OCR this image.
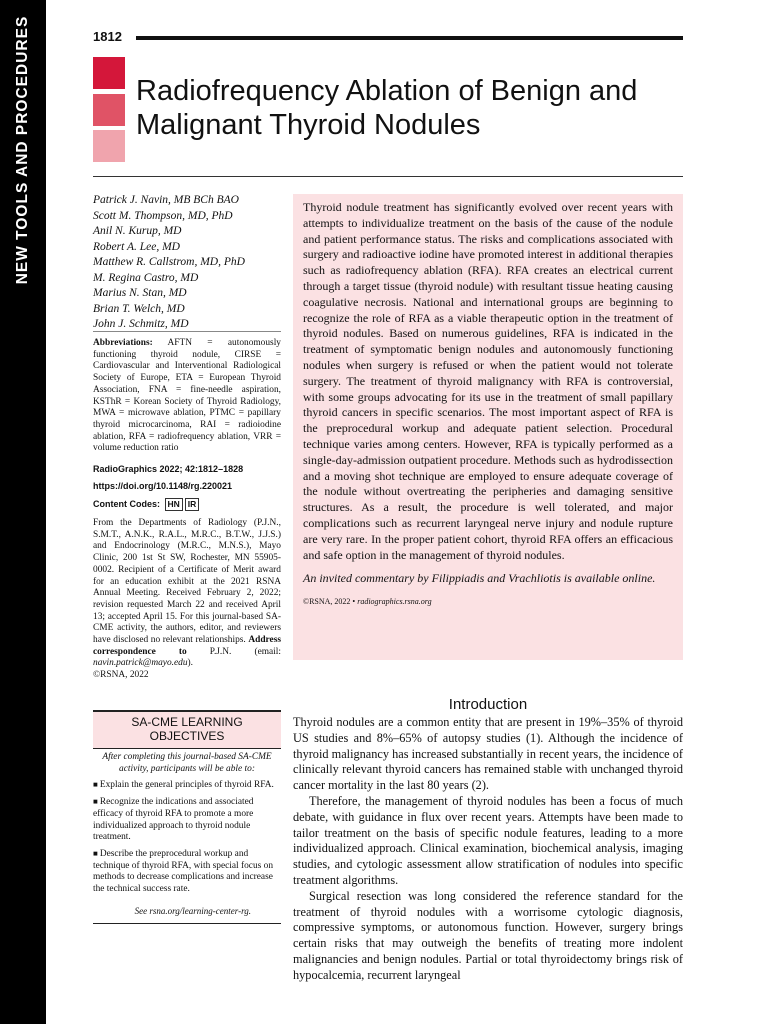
NEW TOOLS AND PROCEDURES	1812
Radiofrequency Ablation of Benign and Malignant Thyroid Nodules
Patrick J. Navin, MB BCh BAO
Scott M. Thompson, MD, PhD
Anil N. Kurup, MD
Robert A. Lee, MD
Matthew R. Callstrom, MD, PhD
M. Regina Castro, MD
Marius N. Stan, MD
Brian T. Welch, MD
John J. Schmitz, MD
Abbreviations: AFTN = autonomously functioning thyroid nodule, CIRSE = Cardiovascular and Interventional Radiological Society of Europe, ETA = European Thyroid Association, FNA = fine-needle aspiration, KSThR = Korean Society of Thyroid Radiology, MWA = microwave ablation, PTMC = papillary thyroid microcarcinoma, RAI = radioiodine ablation, RFA = radiofrequency ablation, VRR = volume reduction ratio
RadioGraphics 2022; 42:1812–1828
https://doi.org/10.1148/rg.220021
Content Codes: HN IR
From the Departments of Radiology (P.J.N., S.M.T., A.N.K., R.A.L., M.R.C., B.T.W., J.J.S.) and Endocrinology (M.R.C., M.N.S.), Mayo Clinic, 200 1st St SW, Rochester, MN 55905-0002. Recipient of a Certificate of Merit award for an education exhibit at the 2021 RSNA Annual Meeting. Received February 2, 2022; revision requested March 22 and received April 13; accepted April 15. For this journal-based SA-CME activity, the authors, editor, and reviewers have disclosed no relevant relationships. Address correspondence to P.J.N. (email: navin.patrick@mayo.edu).
©RSNA, 2022
Thyroid nodule treatment has significantly evolved over recent years with attempts to individualize treatment on the basis of the cause of the nodule and patient performance status. The risks and complications associated with surgery and radioactive iodine have promoted interest in additional therapies such as radiofrequency ablation (RFA). RFA creates an electrical current through a target tissue (thyroid nodule) with resultant tissue heating causing coagulative necrosis. National and international groups are beginning to recognize the role of RFA as a viable therapeutic option in the treatment of thyroid nodules. Based on numerous guidelines, RFA is indicated in the treatment of symptomatic benign nodules and autonomously functioning nodules when surgery is refused or when the patient would not tolerate surgery. The treatment of thyroid malignancy with RFA is controversial, with some groups advocating for its use in the treatment of small papillary thyroid cancers in specific scenarios. The most important aspect of RFA is the preprocedural workup and adequate patient selection. Procedural technique varies among centers. However, RFA is typically performed as a single-day-admission outpatient procedure. Methods such as hydrodissection and a moving shot technique are employed to ensure adequate coverage of the nodule without overtreating the peripheries and damaging sensitive structures. As a result, the procedure is well tolerated, and major complications such as recurrent laryngeal nerve injury and nodule rupture are very rare. In the proper patient cohort, thyroid RFA offers an efficacious and safe option in the management of thyroid nodules.
An invited commentary by Filippiadis and Vrachliotis is available online.
©RSNA, 2022 • radiographics.rsna.org
SA-CME LEARNING OBJECTIVES
After completing this journal-based SA-CME activity, participants will be able to:
■ Explain the general principles of thyroid RFA.
■ Recognize the indications and associated efficacy of thyroid RFA to promote a more individualized approach to thyroid nodule treatment.
■ Describe the preprocedural workup and technique of thyroid RFA, with special focus on methods to decrease complications and increase the technical success rate.
See rsna.org/learning-center-rg.
Introduction

Thyroid nodules are a common entity that are present in 19%–35% of thyroid US studies and 8%–65% of autopsy studies (1). Although the incidence of thyroid malignancy has increased substantially in recent years, the incidence of clinically relevant thyroid cancers has remained stable with unchanged thyroid cancer mortality in the last 80 years (2).

Therefore, the management of thyroid nodules has been a focus of much debate, with guidance in flux over recent years. Attempts have been made to tailor treatment on the basis of specific nodule features, leading to a more individualized approach. Clinical examination, biochemical analysis, imaging studies, and cytologic assessment allow stratification of nodules into specific treatment algorithms.

Surgical resection was long considered the reference standard for the treatment of thyroid nodules with a worrisome cytologic diagnosis, compressive symptoms, or autonomous function. However, surgery brings certain risks that may outweigh the benefits of treating more indolent malignancies and benign nodules. Partial or total thyroidectomy brings risk of hypocalcemia, recurrent laryngeal
